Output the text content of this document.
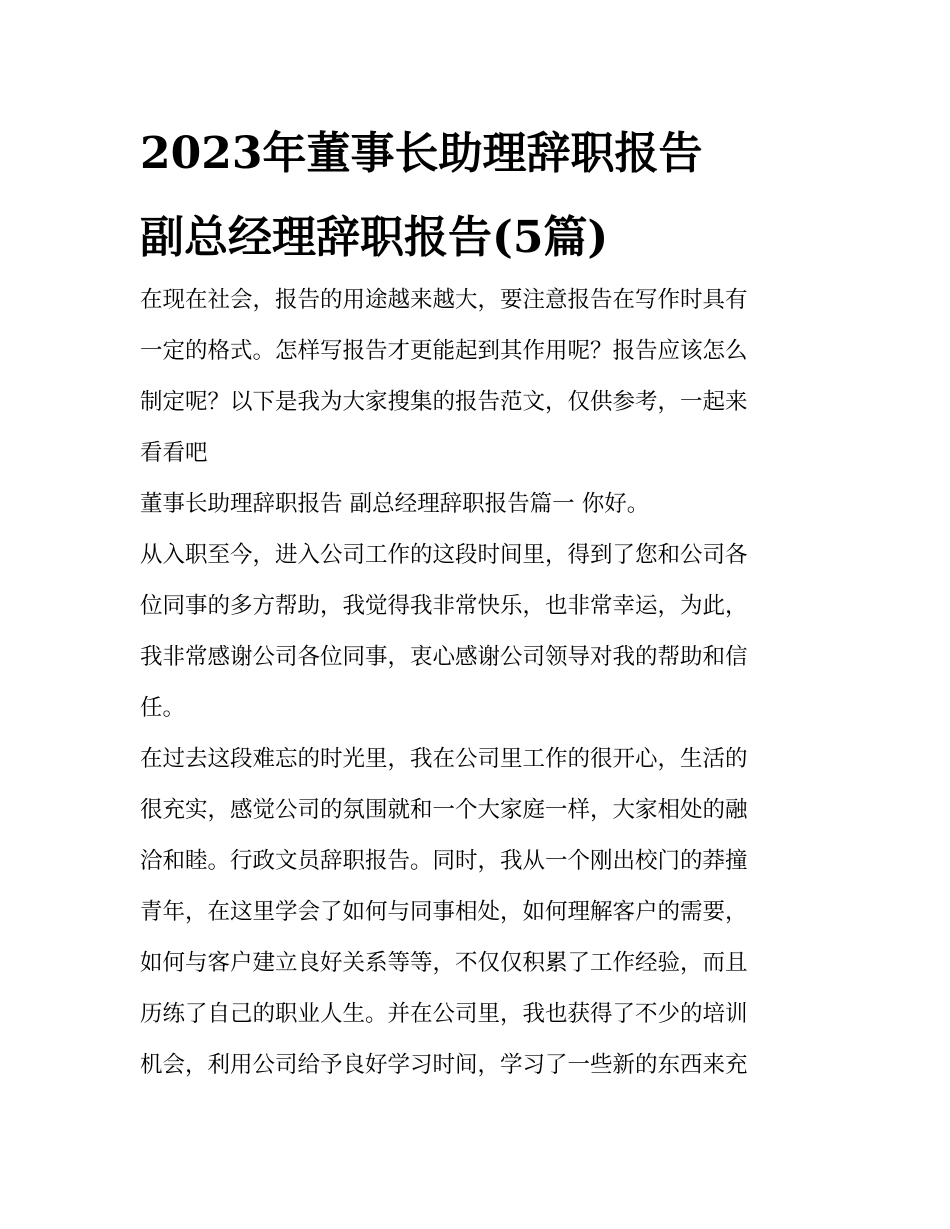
2023年董事长助理辞职报告
副总经理辞职报告(5篇)
在现在社会，报告的用途越来越大，要注意报告在写作时具有
一定的格式。怎样写报告才更能起到其作用呢？报告应该怎么
制定呢？以下是我为大家搜集的报告范文，仅供参考，一起来
看看吧
董事长助理辞职报告 副总经理辞职报告篇一 你好。
从入职至今，进入公司工作的这段时间里，得到了您和公司各
位同事的多方帮助，我觉得我非常快乐，也非常幸运，为此，
我非常感谢公司各位同事，衷心感谢公司领导对我的帮助和信
任。
在过去这段难忘的时光里，我在公司里工作的很开心，生活的
很充实，感觉公司的氛围就和一个大家庭一样，大家相处的融
洽和睦。行政文员辞职报告。同时，我从一个刚出校门的莽撞
青年，在这里学会了如何与同事相处，如何理解客户的需要，
如何与客户建立良好关系等等，不仅仅积累了工作经验，而且
历练了自己的职业人生。并在公司里，我也获得了不少的培训
机会，利用公司给予良好学习时间，学习了一些新的东西来充
